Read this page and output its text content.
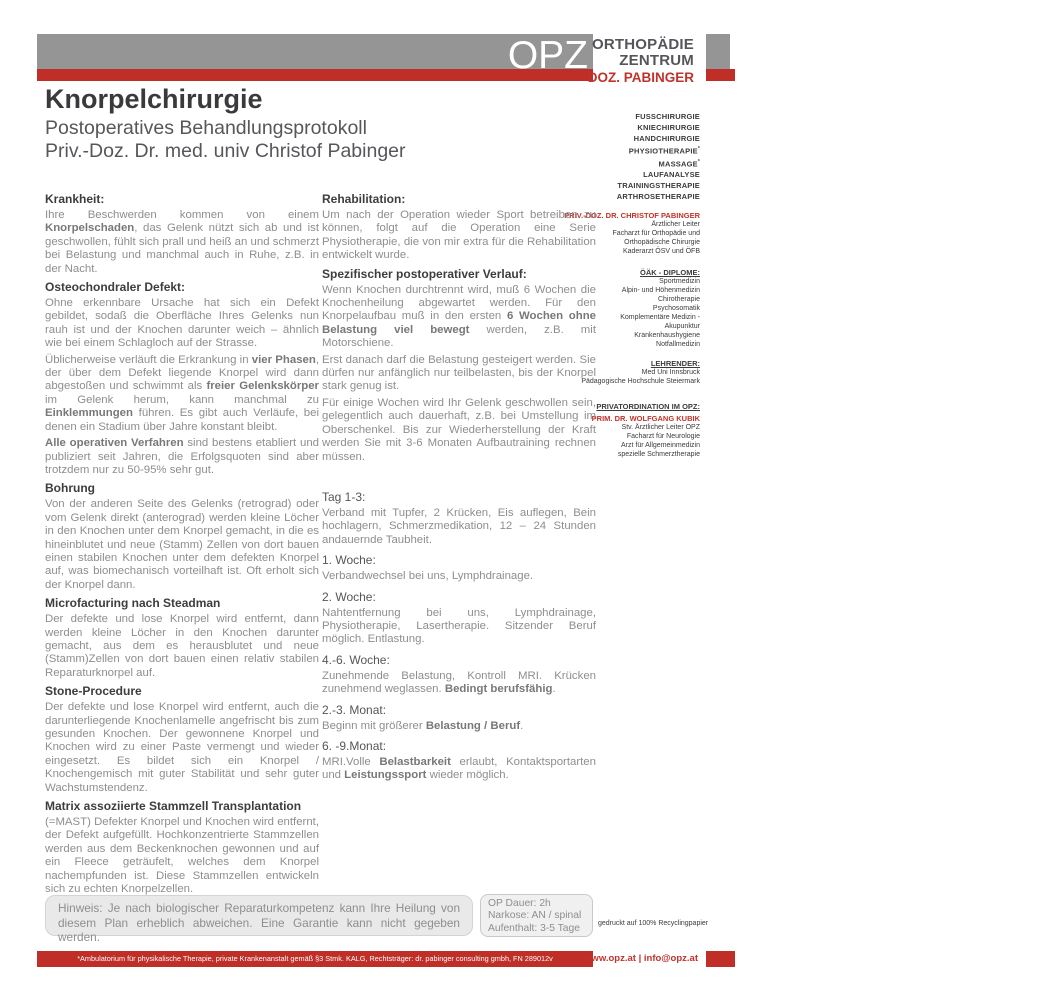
OPZ	©
ORTHOPÄDIE
ZENTRUM
DOZ. PABINGER
Knorpelchirurgie
Postoperatives Behandlungsprotokoll
Priv.-Doz. Dr. med. univ Christof Pabinger
FUSSCHIRURGIE
KNIECHIRURGIE
HANDCHIRURGIE
PHYSIOTHERAPIE*
MASSAGE*
LAUFANALYSE
TRAININGSTHERAPIE
ARTHROSETHERAPIE
PRIV.-DOZ. DR. CHRISTOF PABINGER
Ärztlicher Leiter
Facharzt für Orthopädie und
Orthopädische Chirurgie
Kaderarzt ÖSV und ÖFB
ÖÄK - DIPLOME:
Sportmedizin
Alpin- und Höhenmedizin
Chirotherapie
Psychosomatik
Komplementäre Medizin -
Akupunktur
Krankenhaushygiene
Notfallmedizin
LEHRENDER:
Med Uni Innsbruck
Pädagogische Hochschule Steiermark
PRIVATORDINATION IM OPZ:
PRIM. DR. WOLFGANG KUBIK
Stv. Ärztlicher Leiter OPZ
Facharzt für Neurologie
Arzt für Allgemeinmedizin
spezielle Schmerztherapie
Krankheit:

Ihre Beschwerden kommen von einem Knorpelschaden, das Gelenk nützt sich ab und ist geschwollen, fühlt sich prall und heiß an und schmerzt bei Belastung und manchmal auch in Ruhe, z.B. in der Nacht.

Osteochondraler Defekt:

Ohne erkennbare Ursache hat sich ein Defekt gebildet, sodaß die Oberfläche Ihres Gelenks nun rauh ist und der Knochen darunter weich – ähnlich wie bei einem Schlagloch auf der Strasse.

Üblicherweise verläuft die Erkrankung in vier Phasen, der über dem Defekt liegende Knorpel wird dann abgestoßen und schwimmt als freier Gelenkskörper im Gelenk herum, kann manchmal zu Einklemmungen führen. Es gibt auch Verläufe, bei denen ein Stadium über Jahre konstant bleibt.

Alle operativen Verfahren sind bestens etabliert und publiziert seit Jahren, die Erfolgsquoten sind aber trotzdem nur zu 50-95% sehr gut.

Bohrung

Von der anderen Seite des Gelenks (retrograd) oder vom Gelenk direkt (anterograd) werden kleine Löcher in den Knochen unter dem Knorpel gemacht, in die es hineinblutet und neue (Stamm) Zellen von dort bauen einen stabilen Knochen unter dem defekten Knorpel auf, was biomechanisch vorteilhaft ist. Oft erholt sich der Knorpel dann.

Microfacturing nach Steadman

Der defekte und lose Knorpel wird entfernt, dann werden kleine Löcher in den Knochen darunter gemacht, aus dem es herausblutet und neue (Stamm)Zellen von dort bauen einen relativ stabilen Reparaturknorpel auf.

Stone-Procedure

Der defekte und lose Knorpel wird entfernt, auch die darunterliegende Knochenlamelle angefrischt bis zum gesunden Knochen. Der gewonnene Knorpel und Knochen wird zu einer Paste vermengt und wieder eingesetzt. Es bildet sich ein Knorpel / Knochengemisch mit guter Stabilität und sehr guter Wachstumstendenz.

Matrix assoziierte Stammzell Transplantation

(=MAST) Defekter Knorpel und Knochen wird entfernt, der Defekt aufgefüllt. Hochkonzentrierte Stammzellen werden aus dem Beckenknochen gewonnen und auf ein Fleece geträufelt, welches dem Knorpel nachempfunden ist. Diese Stammzellen entwickeln sich zu echten Knorpelzellen.

Rehabilitation:

Um nach der Operation wieder Sport betreiben zu können, folgt auf die Operation eine Serie Physiotherapie, die von mir extra für die Rehabilitation entwickelt wurde.

Spezifischer postoperativer Verlauf:

Wenn Knochen durchtrennt wird, muß 6 Wochen die Knochenheilung abgewartet werden. Für den Knorpelaufbau muß in den ersten 6 Wochen ohne Belastung viel bewegt werden, z.B. mit Motorschiene.

Erst danach darf die Belastung gesteigert werden. Sie dürfen nur anfänglich nur teilbelasten, bis der Knorpel stark genug ist.

Für einige Wochen wird Ihr Gelenk geschwollen sein, gelegentlich auch dauerhaft, z.B. bei Umstellung im Oberschenkel. Bis zur Wiederherstellung der Kraft werden Sie mit 3-6 Monaten Aufbautraining rechnen müssen.

Tag 1-3:

Verband mit Tupfer, 2 Krücken, Eis auflegen, Bein hochlagern, Schmerzmedikation, 12 – 24 Stunden andauernde Taubheit.

1. Woche:

Verbandwechsel bei uns, Lymphdrainage.

2. Woche:

Nahtentfernung bei uns, Lymphdrainage, Physiotherapie, Lasertherapie. Sitzender Beruf möglich. Entlastung.

4.-6. Woche:

Zunehmende Belastung, Kontroll MRI. Krücken zunehmend weglassen. Bedingt berufsfähig.

2.-3. Monat:

Beginn mit größerer Belastung / Beruf.

6. -9.Monat:

MRI.Volle Belastbarkeit erlaubt, Kontaktsportarten und Leistungssport wieder möglich.

Hinweis: Je nach biologischer Reparaturkompetenz kann Ihre Heilung von diesem Plan erheblich abweichen. Eine Garantie kann nicht gegeben werden.
OP Dauer: 2h
Narkose: AN / spinal
Aufenthalt: 3-5 Tage	gedruckt auf 100% Recyclingpapier
*Ambulatorium für physikalische Therapie, private Krankenanstalt gemäß §3 Stmk. KALG, Rechtsträger: dr. pabinger consulting gmbh, FN 289012v	www.opz.at | info@opz.at
